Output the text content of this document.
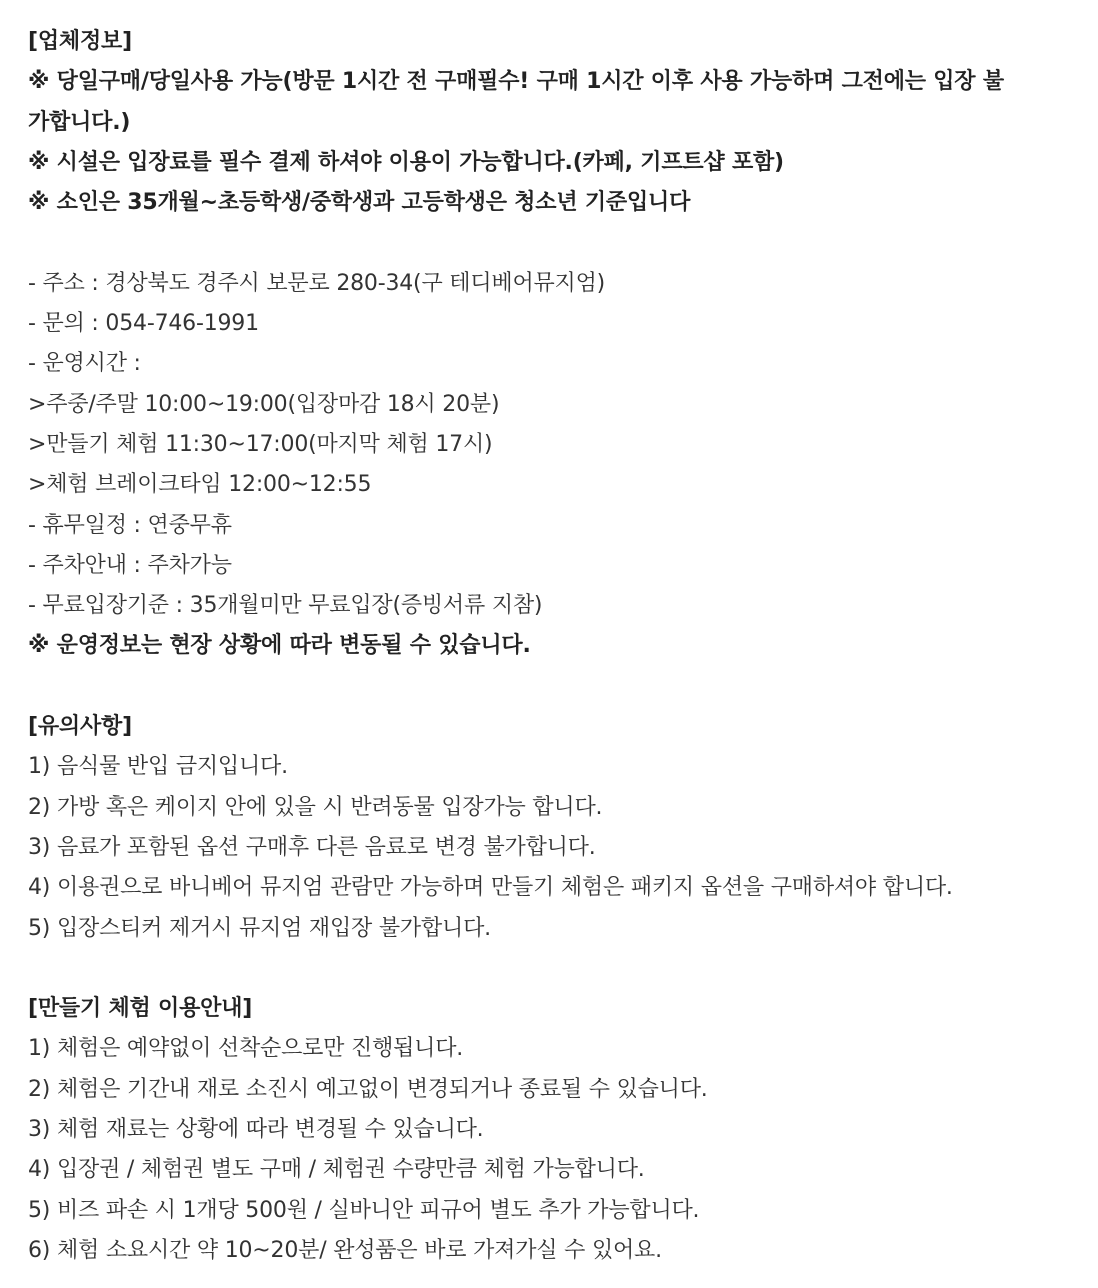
[업체정보]
※ 당일구매/당일사용 가능(방문 1시간 전 구매필수! 구매 1시간 이후 사용 가능하며 그전에는 입장 불
가합니다.)
※ 시설은 입장료를 필수 결제 하셔야 이용이 가능합니다.(카페, 기프트샵 포함)
※ 소인은 35개월~초등학생/중학생과 고등학생은 청소년 기준입니다
- 주소 : 경상북도 경주시 보문로 280-34(구 테디베어뮤지엄)
- 문의 : 054-746-1991
- 운영시간 :
>주중/주말 10:00~19:00(입장마감 18시 20분)
>만들기 체험 11:30~17:00(마지막 체험 17시)
>체험 브레이크타임 12:00~12:55
- 휴무일정 : 연중무휴
- 주차안내 : 주차가능
- 무료입장기준 : 35개월미만 무료입장(증빙서류 지참)
※ 운영정보는 현장 상황에 따라 변동될 수 있습니다.
[유의사항]
1) 음식물 반입 금지입니다.
2) 가방 혹은 케이지 안에 있을 시 반려동물 입장가능 합니다.
3) 음료가 포함된 옵션 구매후 다른 음료로 변경 불가합니다.
4) 이용권으로 바니베어 뮤지엄 관람만 가능하며 만들기 체험은 패키지 옵션을 구매하셔야 합니다.
5) 입장스티커 제거시 뮤지엄 재입장 불가합니다.
[만들기 체험 이용안내]
1) 체험은 예약없이 선착순으로만 진행됩니다.
2) 체험은 기간내 재로 소진시 예고없이 변경되거나 종료될 수 있습니다.
3) 체험 재료는 상황에 따라 변경될 수 있습니다.
4) 입장권 / 체험권 별도 구매 / 체험권 수량만큼 체험 가능합니다.
5) 비즈 파손 시 1개당 500원 / 실바니안 피규어 별도 추가 가능합니다.
6) 체험 소요시간 약 10~20분/ 완성품은 바로 가져가실 수 있어요.
